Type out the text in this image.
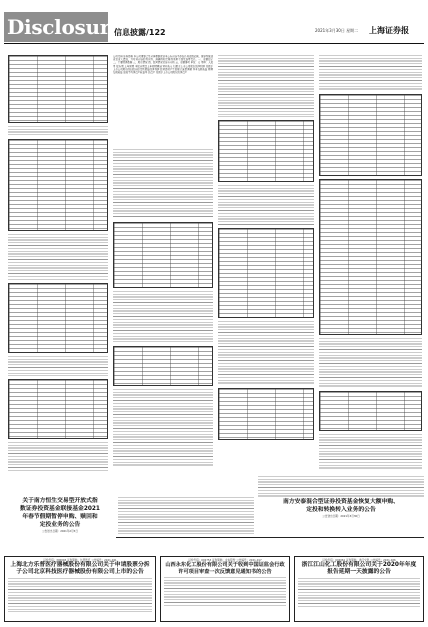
Disclosure
信息披露/122	2021年3月30日 星期二 上海证券报
公司代码 证券简称 本公司董事会及全体董事保证本公告内容不存在任何虚假记载、误导性陈述或者重大遗漏，并对其内容的真实性、准确性和完整性承担个别及连带责任。一、重要提示 二、主要财务数据 三、股东情况 四、经营情况讨论与分析 五、重要事项 单位：元 币种：人民币 报告期 上年同期 本报告期比上年同期增减 营业收入 归属于上市公司股东的净利润 归属于上市公司股东的扣除非经常性损益的净利润 经营活动产生的现金流量净额 基本每股收益 稀释每股收益 加权平均净资产收益率 总资产 归属于上市公司股东的净资产
南方安泰混合型证券投资基金恢复大额申购、定投和转换转入业务的公告
公告送出日期：2021年3月30日
关于南方恒生交易型开放式指数证券投资基金联接基金2021年春节假期暂停申购、赎回和定投业务的公告
公告送出日期：2021年2月5日
证券代码：300003 证券简称：乐普医疗 公告编号：2021-041
上海北方乐普医疗器械股份有限公司关于申请股票分拆子公司北京科技医疗器械股份有限公司上市的公告
证券代码：002753 证券简称：永东股份 公告编号：2021-017
山西永东化工股份有限公司关于收到中国证监会行政许可项目审查一次反馈意见通知书的公告
证券代码：002061 证券简称：浙江交科 公告编号：2021-026
浙江江山化工股份有限公司关于2020年年度报告延期一天披露的公告
